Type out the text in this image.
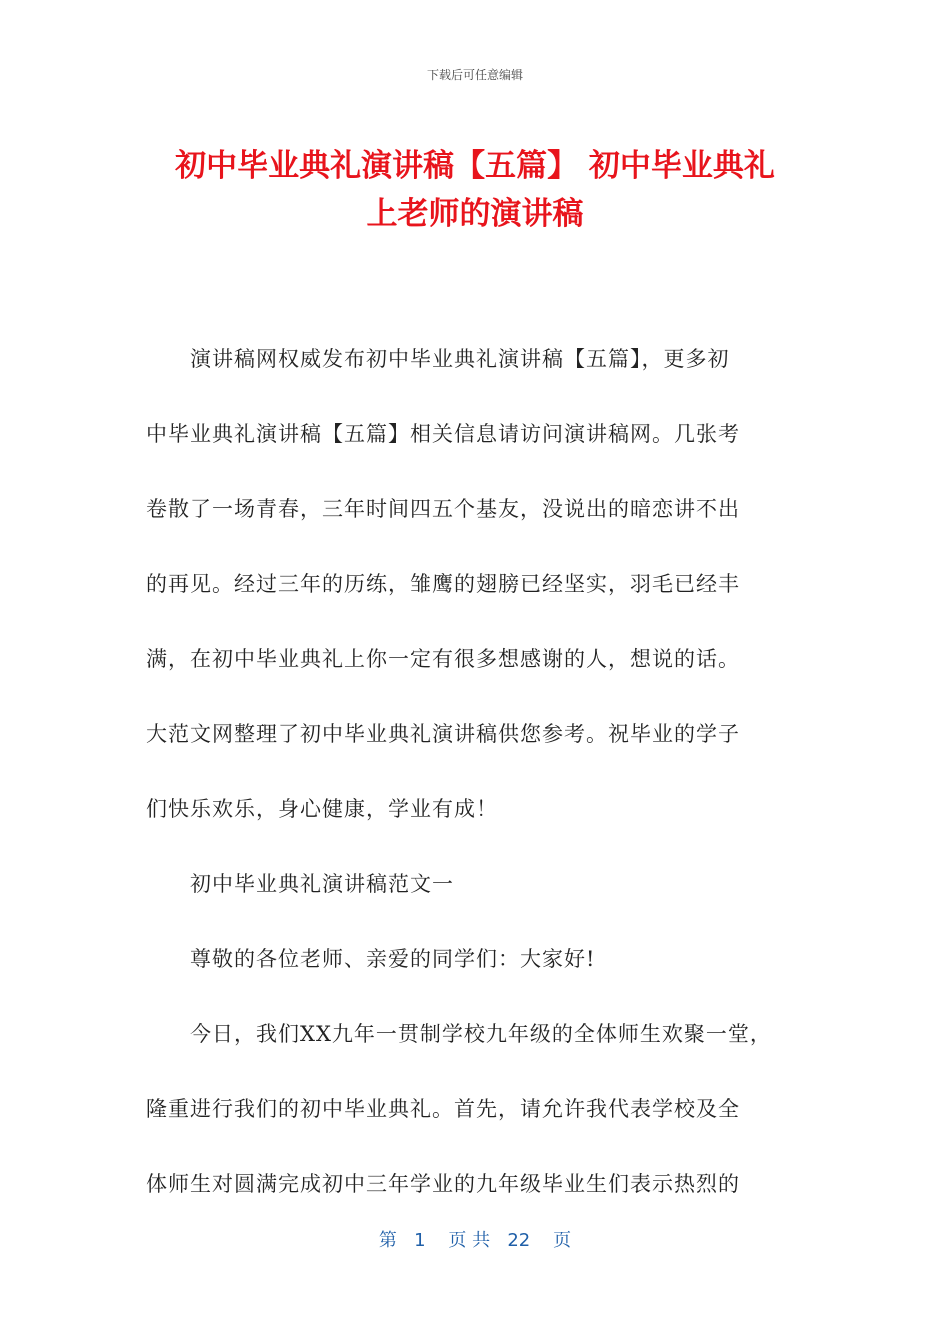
下载后可任意编辑
初中毕业典礼演讲稿【五篇】 初中毕业典礼
上老师的演讲稿

　　演讲稿网权威发布初中毕业典礼演讲稿【五篇】，更多初

中毕业典礼演讲稿【五篇】相关信息请访问演讲稿网。几张考

卷散了一场青春，三年时间四五个基友，没说出的暗恋讲不出

的再见。经过三年的历练，雏鹰的翅膀已经坚实，羽毛已经丰

满，在初中毕业典礼上你一定有很多想感谢的人，想说的话。

大范文网整理了初中毕业典礼演讲稿供您参考。祝毕业的学子

们快乐欢乐，身心健康，学业有成！

　　初中毕业典礼演讲稿范文一

　　尊敬的各位老师、亲爱的同学们：大家好!

　　今日，我们XX九年一贯制学校九年级的全体师生欢聚一堂，

隆重进行我们的初中毕业典礼。首先，请允许我代表学校及全

体师生对圆满完成初中三年学业的九年级毕业生们表示热烈的

第 1 页 共 22 页
